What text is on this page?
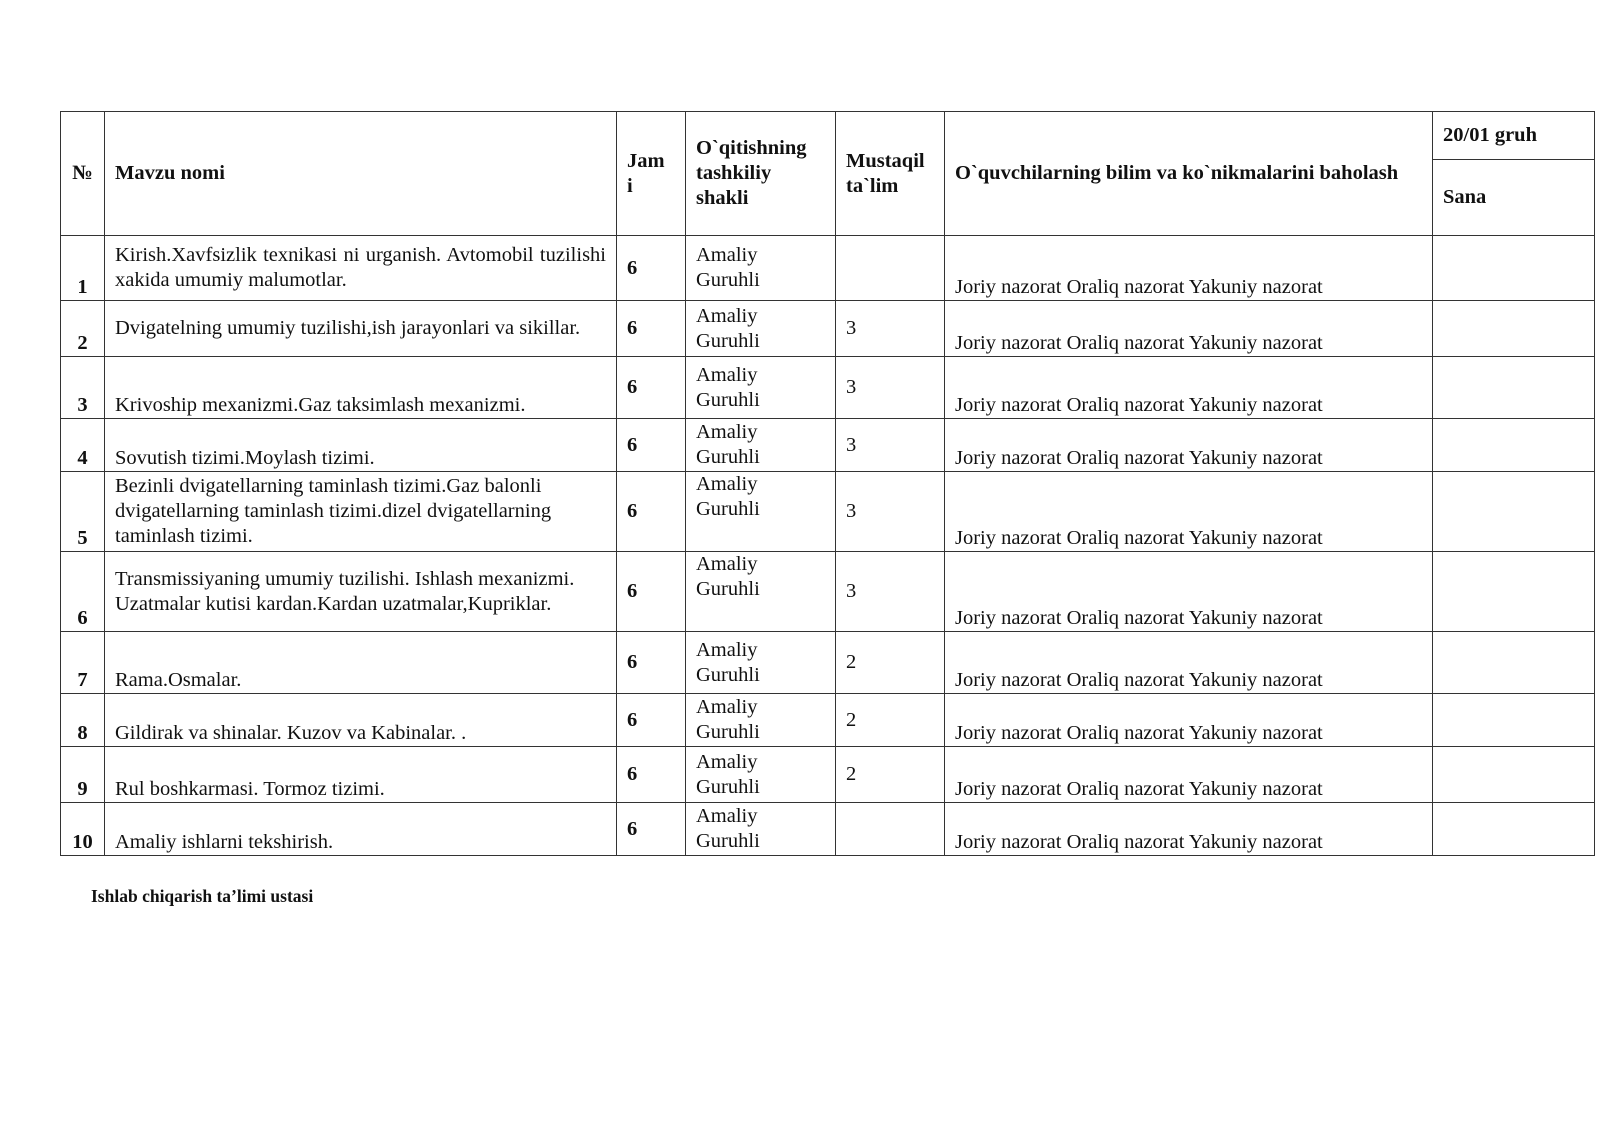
№	Mavzu nomi	Jam i	O`qitishning tashkiliy shakli	Mustaqil ta`lim	O`quvchilarning bilim va ko`nikmalarini baholash	20/01 gruh
						Sana
1	Kirish.Xavfsizlik texnikasi ni urganish. Avtomobil tuzilishi xakida umumiy malumotlar.	6	Amaliy Guruhli		Joriy nazorat Oraliq nazorat Yakuniy nazorat	
2	Dvigatelning umumiy tuzilishi,ish jarayonlari va sikillar.	6	Amaliy Guruhli	3	Joriy nazorat Oraliq nazorat Yakuniy nazorat	
3	Krivoship mexanizmi.Gaz taksimlash mexanizmi.	6	Amaliy Guruhli	3	Joriy nazorat Oraliq nazorat Yakuniy nazorat	
4	Sovutish tizimi.Moylash tizimi.	6	Amaliy Guruhli	3	Joriy nazorat Oraliq nazorat Yakuniy nazorat	
5	Bezinli dvigatellarning taminlash tizimi.Gaz balonli dvigatellarning taminlash tizimi.dizel dvigatellarning taminlash tizimi.	6	Amaliy Guruhli	3	Joriy nazorat Oraliq nazorat Yakuniy nazorat	
6	Transmissiyaning umumiy tuzilishi. Ishlash mexanizmi. Uzatmalar kutisi kardan.Kardan uzatmalar,Kupriklar.	6	Amaliy Guruhli	3	Joriy nazorat Oraliq nazorat Yakuniy nazorat	
7	Rama.Osmalar.	6	Amaliy Guruhli	2	Joriy nazorat Oraliq nazorat Yakuniy nazorat	
8	Gildirak va shinalar. Kuzov va Kabinalar. .	6	Amaliy Guruhli	2	Joriy nazorat Oraliq nazorat Yakuniy nazorat	
9	Rul boshkarmasi. Tormoz tizimi.	6	Amaliy Guruhli	2	Joriy nazorat Oraliq nazorat Yakuniy nazorat	
10	Amaliy ishlarni tekshirish.	6	Amaliy Guruhli		Joriy nazorat Oraliq nazorat Yakuniy nazorat	
Ishlab chiqarish ta’limi ustasi
